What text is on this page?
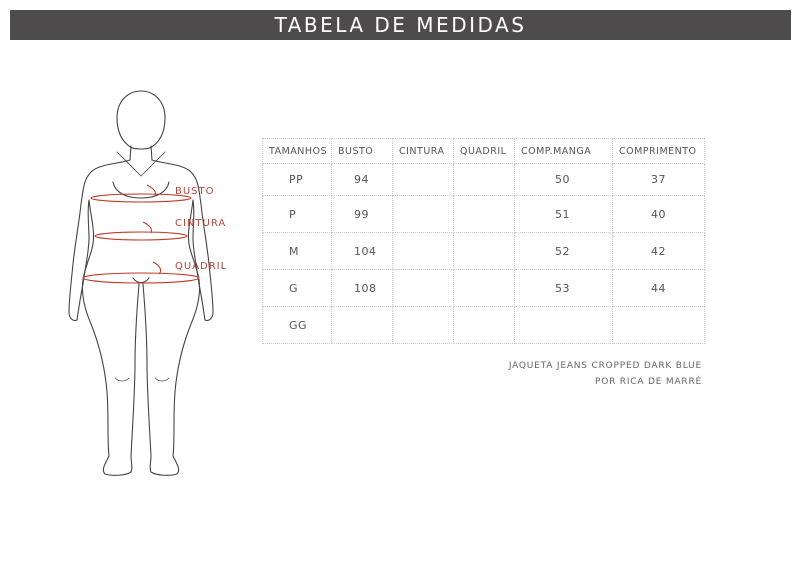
TABELA DE MEDIDAS
BUSTO
CINTURA
QUADRIL
TAMANHOS	BUSTO	CINTURA	QUADRIL	COMP.MANGA	COMPRIMENTO
PP	94			50	37
P	99			51	40
M	104			52	42
G	108			53	44
GG					
JAQUETA JEANS CROPPED DARK BLUE
POR RICA DE MARRÉ
